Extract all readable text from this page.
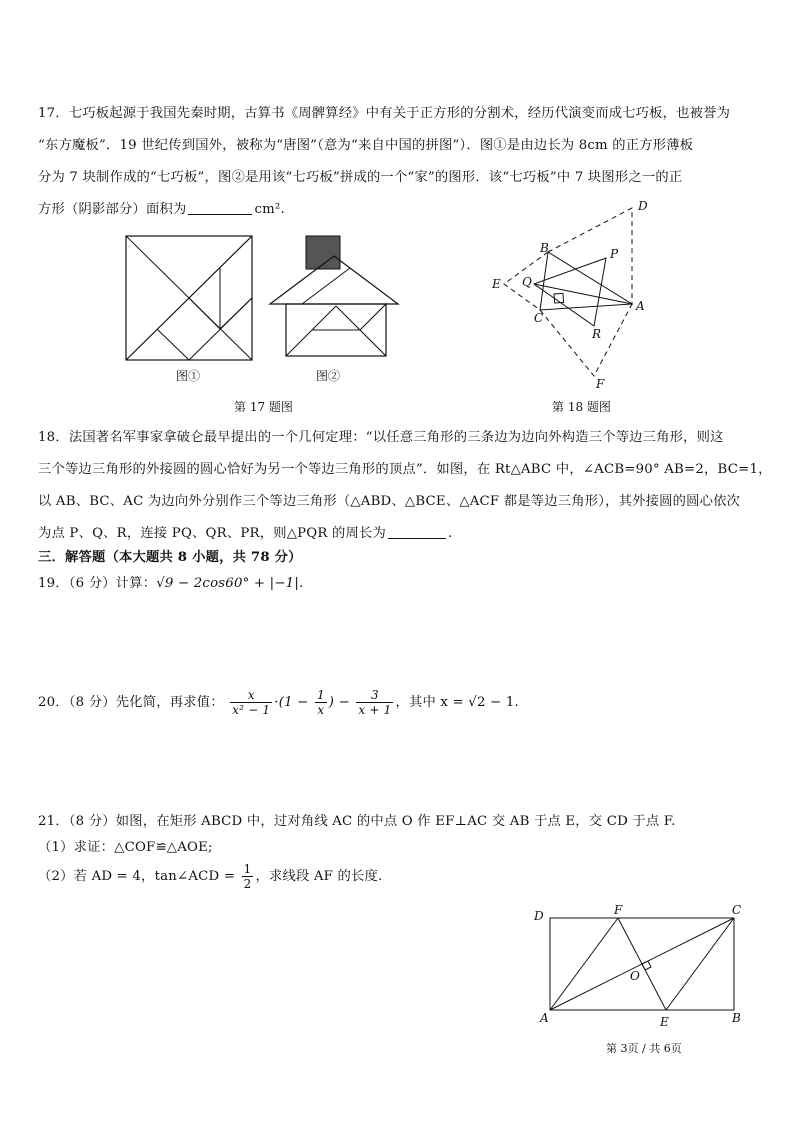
17．七巧板起源于我国先秦时期，古算书《周髀算经》中有关于正方形的分割术，经历代演变而成七巧板，也被誉为
“东方魔板”．19 世纪传到国外，被称为“唐图”（意为“来自中国的拼图”）．图①是由边长为 8cm 的正方形薄板
分为 7 块制作成的“七巧板”，图②是用该“七巧板”拼成的一个“家”的图形．该“七巧板”中 7 块图形之一的正
方形（阴影部分）面积为	cm².
图①	图②
D
B	P
E Q
A
C
R
F
第 17 题图	第 18 题图
18．法国著名军事家拿破仑最早提出的一个几何定理：“以任意三角形的三条边为边向外构造三个等边三角形，则这
三个等边三角形的外接圆的圆心恰好为另一个等边三角形的顶点”．如图，在 Rt△ABC 中，∠ACB=90° AB=2，BC=1，
以 AB、BC、AC 为边向外分别作三个等边三角形（△ABD、△BCE、△ACF 都是等边三角形），其外接圆的圆心依次
为点 P、Q、R，连接 PQ、QR、PR，则△PQR 的周长为	.
三．解答题（本大题共 8 小题，共 78 分）
19．（6 分）计算：√9 − 2cos60° + |−1|.
20．（8 分）先化简，再求值： $\frac{x}{\text{x² − 1}} \cdot(1 - \frac{1}{x}$ ) − $\frac{3}{x + 1}$ ，其中 x = √2 − 1.
21．（8 分）如图，在矩形 ABCD 中，过对角线 AC 的中点 O 作 EF⊥AC 交 AB 于点 E，交 CD 于点 F.
（1）求证：△COF≌△AOE;
（2）若 AD = 4，tan∠ACD = $\frac{1}{2}$ ，求线段 AF 的长度.
D	F	C
O
A	E	B
第 3页 / 共 6页
